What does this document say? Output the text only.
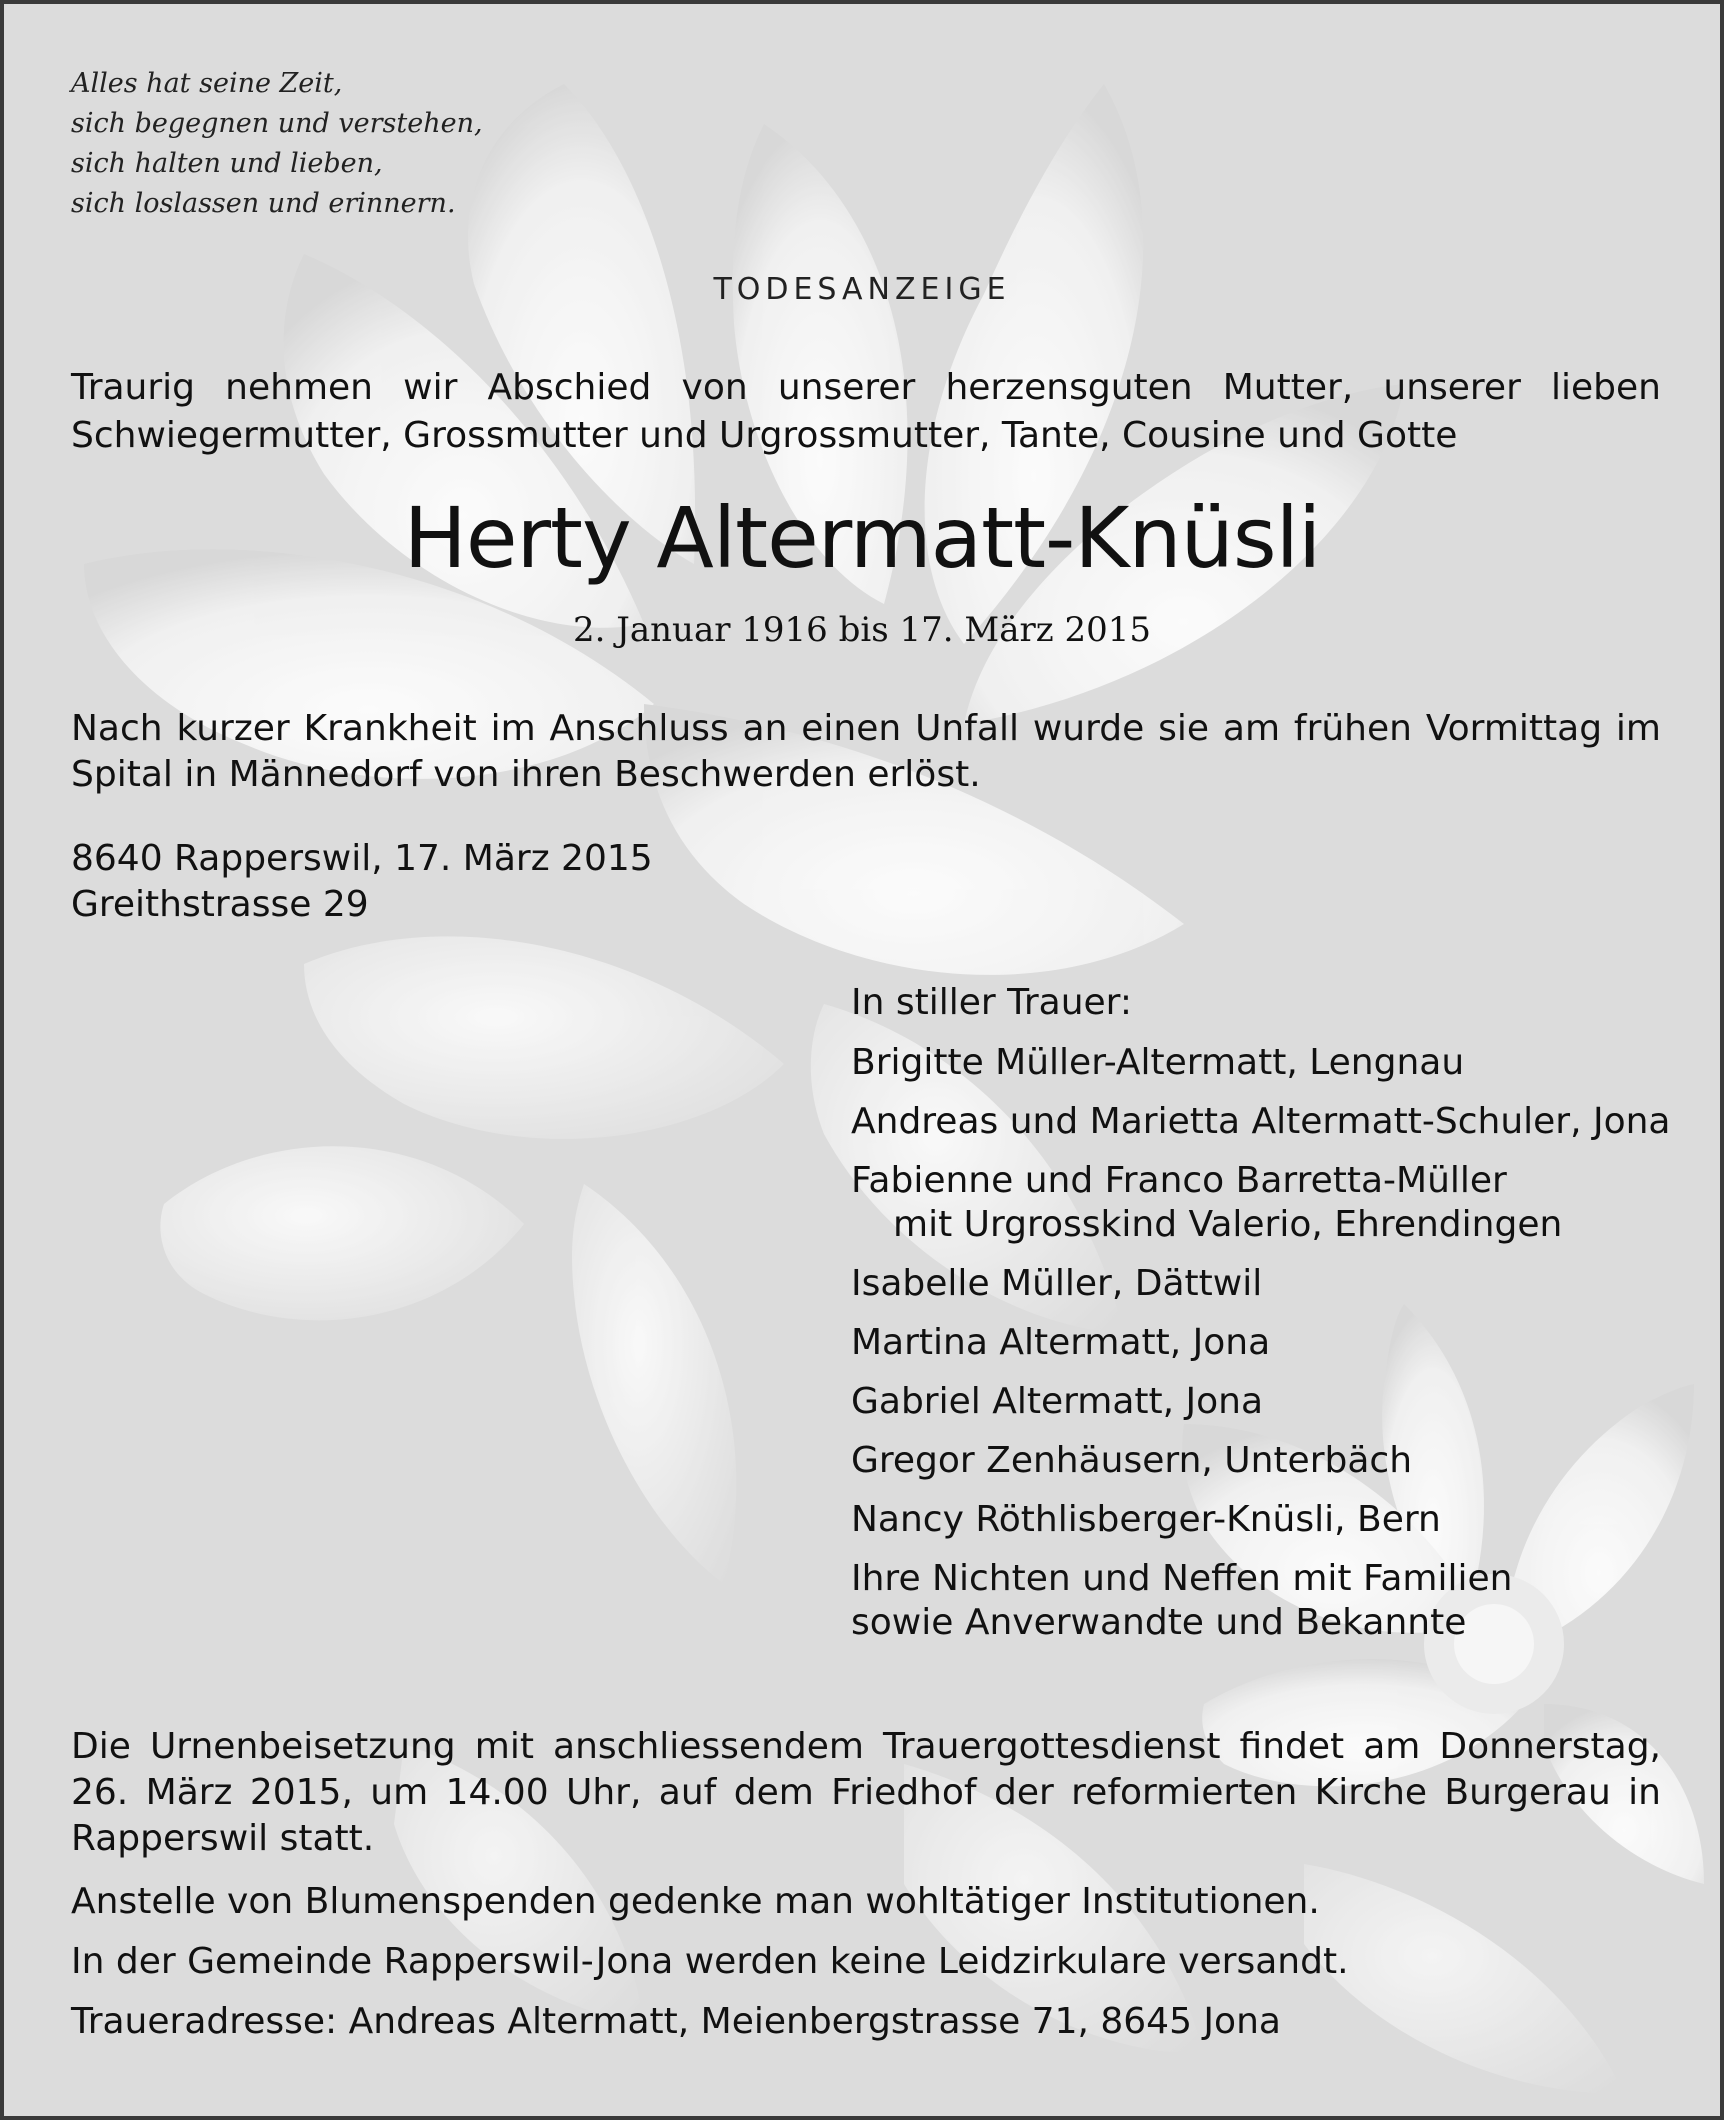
Alles hat seine Zeit,
sich begegnen und verstehen,
sich halten und lieben,
sich loslassen und erinnern.
TODESANZEIGE
Traurig nehmen wir Abschied von unserer herzensguten Mutter, unserer lieben Schwiegermutter, Grossmutter und Urgrossmutter, Tante, Cousine und Gotte
Herty Altermatt-Knüsli
2. Januar 1916 bis 17. März 2015
Nach kurzer Krankheit im Anschluss an einen Unfall wurde sie am frühen Vormittag im Spital in Männedorf von ihren Beschwerden erlöst.
8640 Rapperswil, 17. März 2015
Greithstrasse 29
In stiller Trauer:
Brigitte Müller-Altermatt, Lengnau
Andreas und Marietta Altermatt-Schuler, Jona
Fabienne und Franco Barretta-Müller
mit Urgrosskind Valerio, Ehrendingen
Isabelle Müller, Dättwil
Martina Altermatt, Jona
Gabriel Altermatt, Jona
Gregor Zenhäusern, Unterbäch
Nancy Röthlisberger-Knüsli, Bern
Ihre Nichten und Neffen mit Familien
sowie Anverwandte und Bekannte
Die Urnenbeisetzung mit anschliessendem Trauergottesdienst findet am Donnerstag, 26. März 2015, um 14.00 Uhr, auf dem Friedhof der reformierten Kirche Burgerau in Rapperswil statt.
Anstelle von Blumenspenden gedenke man wohltätiger Institutionen.
In der Gemeinde Rapperswil-Jona werden keine Leidzirkulare versandt.
Traueradresse: Andreas Altermatt, Meienbergstrasse 71, 8645 Jona
